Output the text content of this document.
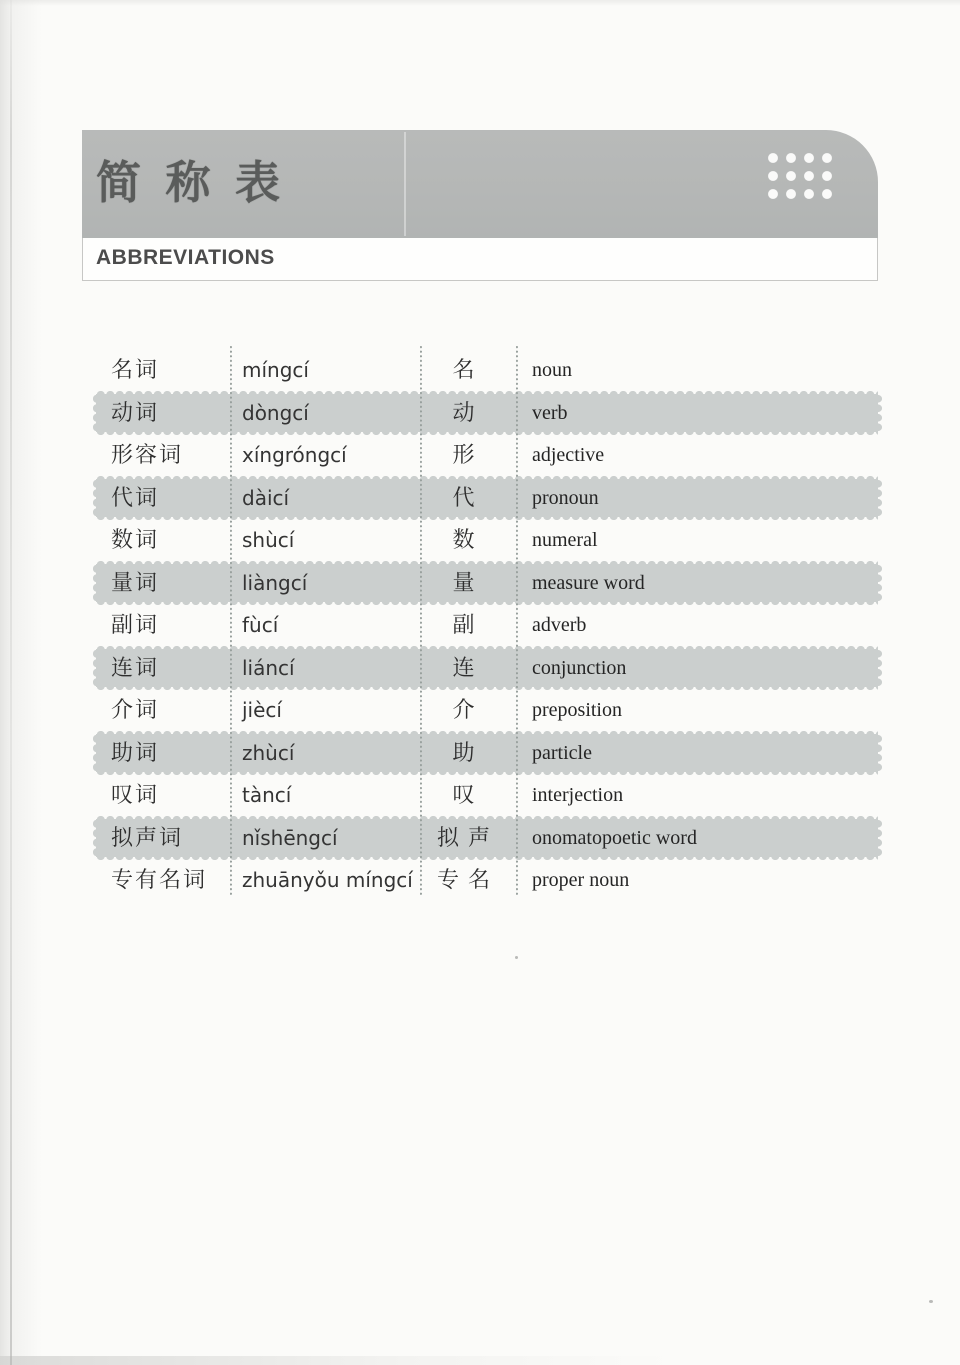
简 称 表
ABBREVIATIONS
名词	míngcí	名	noun
动词	dòngcí	动	verb
形容词	xíngróngcí	形	adjective
代词	dàicí	代	pronoun
数词	shùcí	数	numeral
量词	liàngcí	量	measure word
副词	fùcí	副	adverb
连词	liáncí	连	conjunction
介词	jiècí	介	preposition
助词	zhùcí	助	particle
叹词	tàncí	叹	interjection
拟声词	nǐshēngcí	拟声	onomatopoetic word
专有名词 zhuānyǒu míngcí	专名	proper noun
